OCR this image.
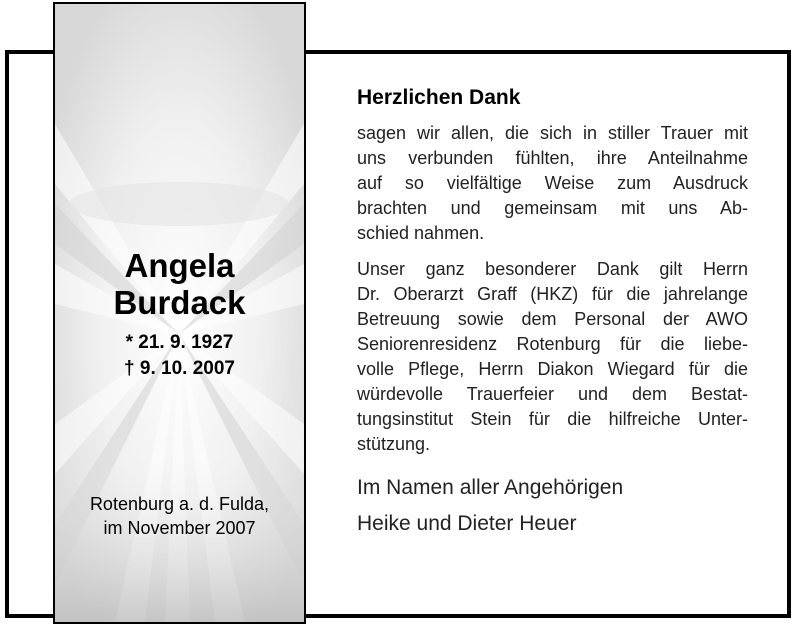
Angela
Burdack
* 21. 9. 1927
† 9. 10. 2007
Rotenburg a. d. Fulda,
im November 2007
Herzlichen Dank
sagen wir allen, die sich in stiller Trauer mit
uns verbunden fühlten, ihre Anteilnahme
auf so vielfältige Weise zum Ausdruck
brachten und gemeinsam mit uns Ab-
schied nahmen.
Unser ganz besonderer Dank gilt Herrn
Dr. Oberarzt Graff (HKZ) für die jahrelange
Betreuung sowie dem Personal der AWO
Seniorenresidenz Rotenburg für die liebe-
volle Pflege, Herrn Diakon Wiegard für die
würdevolle Trauerfeier und dem Bestat-
tungsinstitut Stein für die hilfreiche Unter-
stützung.
Im Namen aller Angehörigen
Heike und Dieter Heuer
